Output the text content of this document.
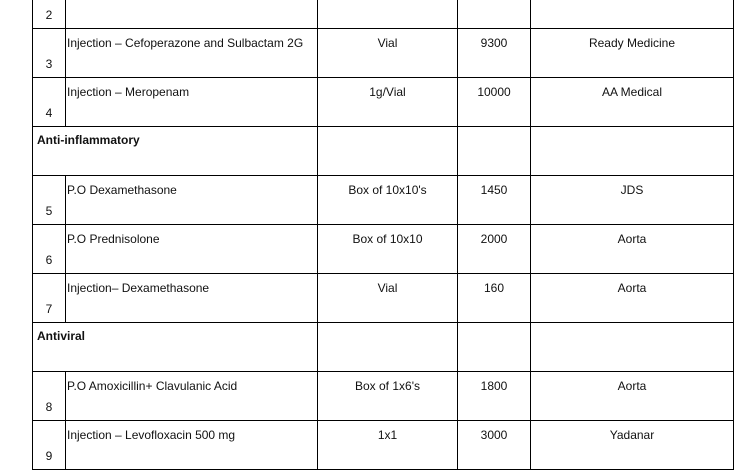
2				
3	Injection – Cefoperazone and Sulbactam 2G	Vial	9300	Ready Medicine
4	Injection – Meropenam	1g/Vial	10000	AA Medical
Anti-inflammatory				
5	P.O Dexamethasone	Box of 10x10's	1450	JDS
6	P.O Prednisolone	Box of 10x10	2000	Aorta
7	Injection– Dexamethasone	Vial	160	Aorta
Antiviral				
8	P.O Amoxicillin+ Clavulanic Acid	Box of 1x6's	1800	Aorta
9	Injection – Levofloxacin 500 mg	1x1	3000	Yadanar
